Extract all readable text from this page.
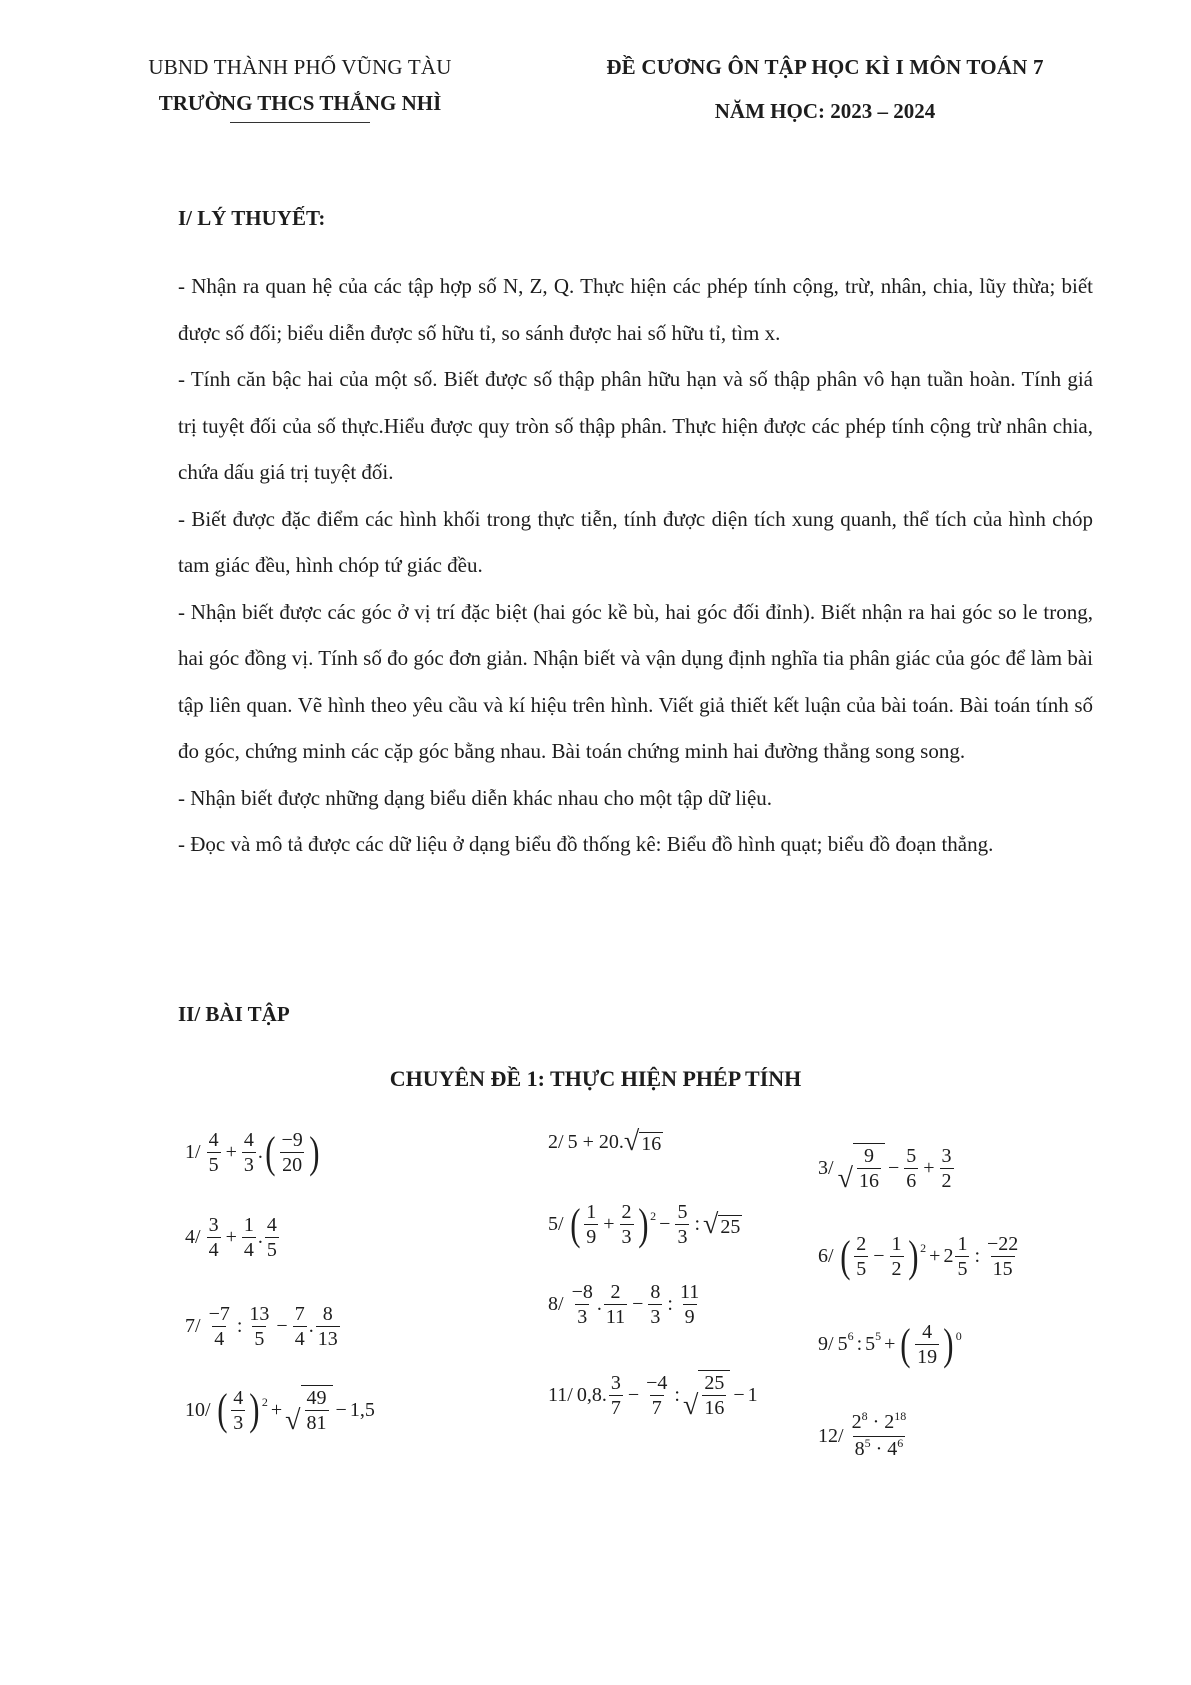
UBND THÀNH PHỐ VŨNG TÀU
TRƯỜNG THCS THẮNG NHÌ
ĐỀ CƯƠNG ÔN TẬP HỌC KÌ I MÔN TOÁN 7
NĂM HỌC: 2023 – 2024
I/ LÝ THUYẾT:

- Nhận ra quan hệ của các tập hợp số N, Z, Q. Thực hiện các phép tính cộng, trừ, nhân, chia, lũy thừa; biết được số đối; biểu diễn được số hữu tỉ, so sánh được hai số hữu tỉ, tìm x.

- Tính căn bậc hai của một số. Biết được số thập phân hữu hạn và số thập phân vô hạn tuần hoàn. Tính giá trị tuyệt đối của số thực.Hiểu được quy tròn số thập phân. Thực hiện được các phép tính cộng trừ nhân chia, chứa dấu giá trị tuyệt đối.

- Biết được đặc điểm các hình khối trong thực tiễn, tính được diện tích xung quanh, thể tích của hình chóp tam giác đều, hình chóp tứ giác đều.

- Nhận biết được các góc ở vị trí đặc biệt (hai góc kề bù, hai góc đối đỉnh). Biết nhận ra hai góc so le trong, hai góc đồng vị. Tính số đo góc đơn giản. Nhận biết và vận dụng định nghĩa tia phân giác của góc để làm bài tập liên quan. Vẽ hình theo yêu cầu và kí hiệu trên hình. Viết giả thiết kết luận của bài toán. Bài toán tính số đo góc, chứng minh các cặp góc bằng nhau. Bài toán chứng minh hai đường thẳng song song.

- Nhận biết được những dạng biểu diễn khác nhau cho một tập dữ liệu.

- Đọc và mô tả được các dữ liệu ở dạng biểu đồ thống kê: Biểu đồ hình quạt; biểu đồ đoạn thẳng.

II/ BÀI TẬP
CHUYÊN ĐỀ 1: THỰC HIỆN PHÉP TÍNH
$1/ \frac{4}{5} + \frac{4}{3}$ . ( $\frac{-9}{20}$ )	2/ 5 + 20. √ 16
3/ √ $\frac{9}{16} - \frac{5}{6} + \frac{3}{2}$
$4/ \frac{3}{4} + \frac{1}{4}$ . $\frac{4}{5}$	5/ ( $\frac{1}{9} + \frac{2}{3}$ ) $2 - \frac{5}{3}$ : √ 25
6/ ( $\frac{2}{5} - \frac{1}{2}$ ) $2 + 2 \frac{1}{5}$ : $\frac{-22}{15}$
$7/ \frac{-7}{4}$ : $\frac{13}{5} - \frac{7}{4}$ . $\frac{8}{13}$	$8/ \frac{-8}{3}$ . $\frac{2}{11} - \frac{8}{3}$ : $\frac{11}{9}$
9/ 5 6 : 5 5 + ( $\frac{4}{19}$ ) 0
10/ ( $\frac{4}{3}$ ) 2 + √ $\frac{49}{81} - 1,5$
11/ 0,8. $\frac{3}{7} - \frac{-4}{7}$ : √ $\frac{25}{16} - 1$
$12/ \frac{2^8 \cdot 2^{18}}{8^5 \cdot 4^6}$
